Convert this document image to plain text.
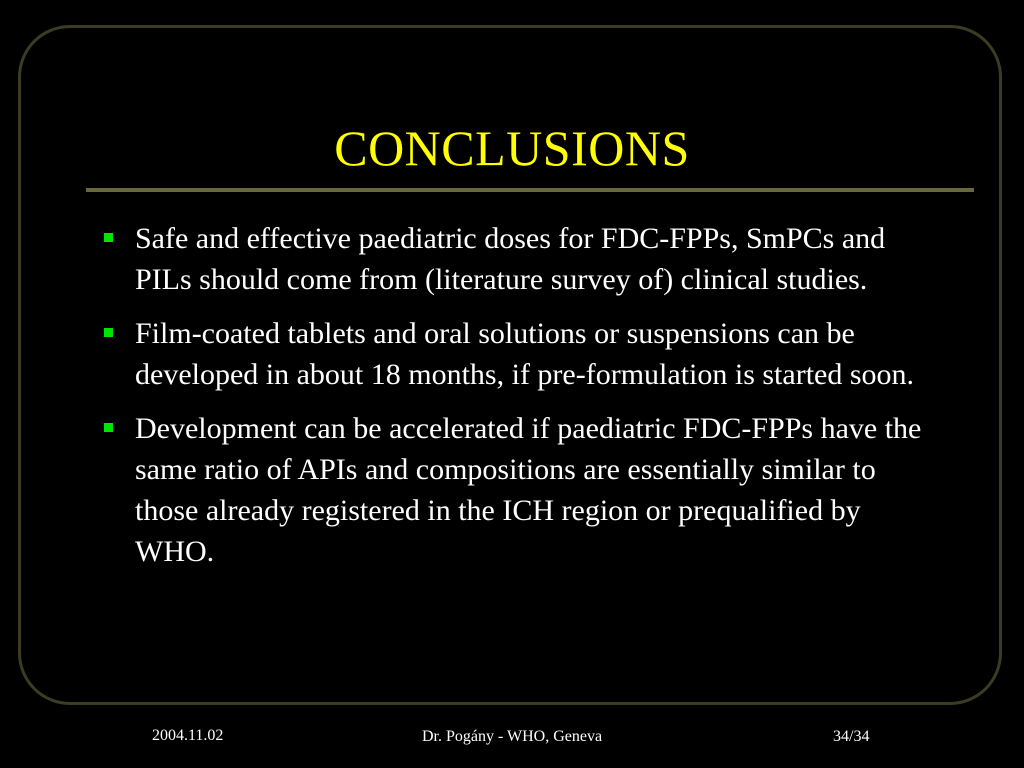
CONCLUSIONS
Safe and effective paediatric doses for FDC-FPPs, SmPCs and PILs should come from (literature survey of) clinical studies.
Film-coated tablets and oral solutions or suspensions can be developed in about 18 months, if pre-formulation is started soon.
Development can be accelerated if paediatric FDC-FPPs have the same ratio of APIs and compositions are essentially similar to those already registered in the ICH region or prequalified by WHO.
2004.11.02	Dr. Pogány - WHO, Geneva	34/34
